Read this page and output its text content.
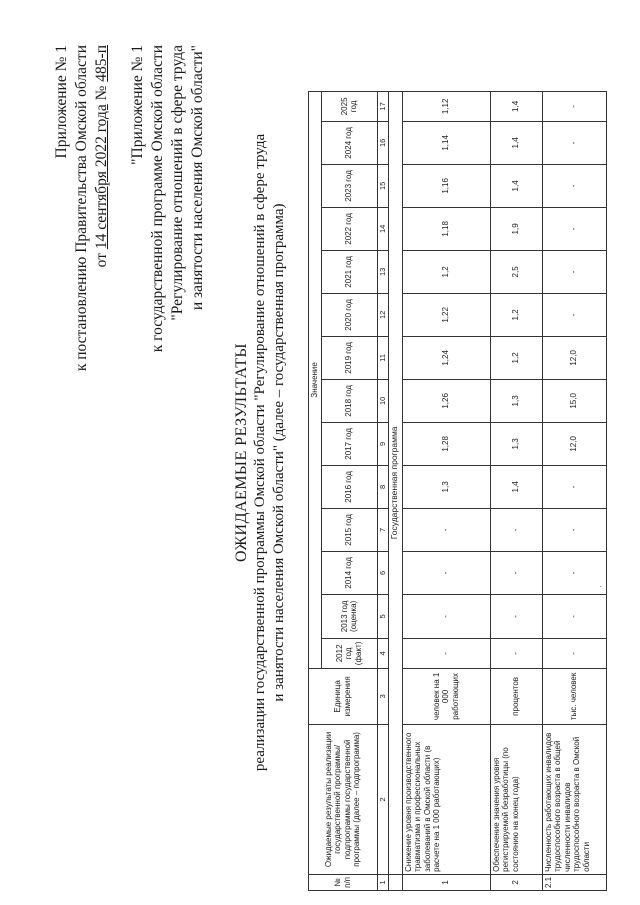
Приложение № 1 к постановлению Правительства Омской области от 14 сентября 2022 года № 485-п "Приложение № 1 к государственной программе Омской области "Регулирование отношений в сфере труда и занятости населения Омской области"
ОЖИДАЕМЫЕ РЕЗУЛЬТАТЫ реализации государственной программы Омской области "Регулирование отношений в сфере труда и занятости населения Омской области" (далее – государственная программа)
№ п/п	Ожидаемые результаты реализации государственной программы/подпрограммы государственной программы (далее – подпрограмма)	Единица измерения	Значение													
			2012 год (факт)	2013 год (оценка)	2014 год	2015 год	2016 год	2017 год	2018 год	2019 год	2020 год	2021 год	2022 год	2023 год	2024 год	2025 год
1	2	3	4	5	6	7	8	9	10	11	12	13	14	15	16	17
	Государственная программа															
1	Снижение уровня производственного травматизма и профессиональных заболеваний в Омской области (в расчете на 1 000 работающих)	человек на 1 000 работающих	-	-	-	-	1,3	1,28	1,26	1,24	1,22	1,2	1,18	1,16	1,14	1,12
2	Обеспечение значения уровня регистрируемой безработицы (по состоянию на конец года)	процентов	-	-	-	-	1,4	1,3	1,3	1,2	1,2	2,5	1,9	1,4	1,4	1,4
2.1	Численность работающих инвалидов трудоспособного возраста в общей численности инвалидов трудоспособного возраста в Омской области	тыс. человек	-	-	-	-	-	12,0	15,0	12,0	-	-	-	-	-	-
